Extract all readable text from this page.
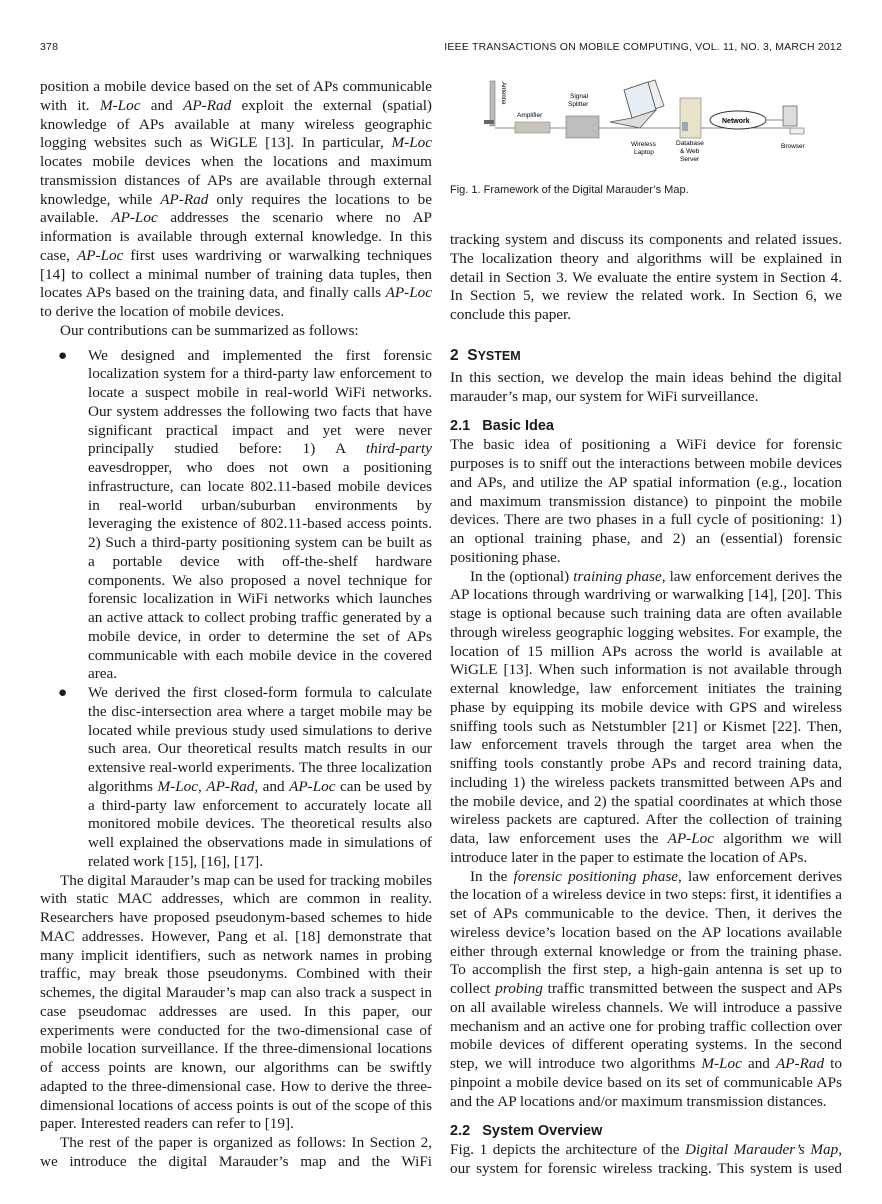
378	IEEE TRANSACTIONS ON MOBILE COMPUTING, VOL. 11, NO. 3, MARCH 2012

position a mobile device based on the set of APs communicable with it. M-Loc and AP-Rad exploit the external (spatial) knowledge of APs available at many wireless geographic logging websites such as WiGLE [13]. In particular, M-Loc locates mobile devices when the locations and maximum transmission distances of APs are available through external knowledge, while AP-Rad only requires the locations to be available. AP-Loc addresses the scenario where no AP information is available through external knowledge. In this case, AP-Loc first uses wardriving or warwalking techniques [14] to collect a minimal number of training data tuples, then locates APs based on the training data, and finally calls AP-Loc to derive the location of mobile devices.

Our contributions can be summarized as follows:

● We designed and implemented the first forensic localization system for a third-party law enforcement to locate a suspect mobile in real-world WiFi networks. Our system addresses the following two facts that have significant practical impact and yet were never principally studied before: 1) A third-party eavesdropper, who does not own a positioning infrastructure, can locate 802.11-based mobile devices in real-world urban/suburban environments by leveraging the existence of 802.11-based access points. 2) Such a third-party positioning system can be built as a portable device with off-the-shelf hardware components. We also proposed a novel technique for forensic localization in WiFi networks which launches an active attack to collect probing traffic generated by a mobile device, in order to determine the set of APs communicable with each mobile device in the covered area.
● We derived the first closed-form formula to calculate the disc-intersection area where a target mobile may be located while previous study used simulations to derive such area. Our theoretical results match results in our extensive real-world experiments. The three localization algorithms M-Loc, AP-Rad, and AP-Loc can be used by a third-party law enforcement to accurately locate all monitored mobile devices. The theoretical results also well explained the observations made in simulations of related work [15], [16], [17].

The digital Marauder’s map can be used for tracking mobiles with static MAC addresses, which are common in reality. Researchers have proposed pseudonym-based schemes to hide MAC addresses. However, Pang et al. [18] demonstrate that many implicit identifiers, such as network names in probing traffic, may break those pseudonyms. Combined with their schemes, the digital Marauder’s map can also track a suspect in case pseudomac addresses are used. In this paper, our experiments were conducted for the two-dimensional case of mobile location surveillance. If the three-dimensional locations of access points are known, our algorithms can be swiftly adapted to the three-dimensional case. How to derive the three-dimensional locations of access points is out of the scope of this paper. Interested readers can refer to [19].

The rest of the paper is organized as follows: In Section 2, we introduce the digital Marauder’s map and the WiFi

Antenna
Amplifier
Signal
Splitter
Wireless
Laptop
Database
& Web
Server
Network
Browser
Fig. 1. Framework of the Digital Marauder’s Map.

tracking system and discuss its components and related issues. The localization theory and algorithms will be explained in detail in Section 3. We evaluate the entire system in Section 4. In Section 5, we review the related work. In Section 6, we conclude this paper.

2 SYSTEM

In this section, we develop the main ideas behind the digital marauder’s map, our system for WiFi surveillance.

2.1   Basic Idea

The basic idea of positioning a WiFi device for forensic purposes is to sniff out the interactions between mobile devices and APs, and utilize the AP spatial information (e.g., location and maximum transmission distance) to pinpoint the mobile devices. There are two phases in a full cycle of positioning: 1) an optional training phase, and 2) an (essential) forensic positioning phase.

In the (optional) training phase, law enforcement derives the AP locations through wardriving or warwalking [14], [20]. This stage is optional because such training data are often available through wireless geographic logging websites. For example, the location of 15 million APs across the world is available at WiGLE [13]. When such information is not available through external knowledge, law enforcement initiates the training phase by equipping its mobile device with GPS and wireless sniffing tools such as Netstumbler [21] or Kismet [22]. Then, law enforcement travels through the target area when the sniffing tools constantly probe APs and record training data, including 1) the wireless packets transmitted between APs and the mobile device, and 2) the spatial coordinates at which those wireless packets are captured. After the collection of training data, law enforcement uses the AP-Loc algorithm we will introduce later in the paper to estimate the location of APs.

In the forensic positioning phase, law enforcement derives the location of a wireless device in two steps: first, it identifies a set of APs communicable to the device. Then, it derives the wireless device’s location based on the AP locations available either through external knowledge or from the training phase. To accomplish the first step, a high-gain antenna is set up to collect probing traffic transmitted between the suspect and APs on all available wireless channels. We will introduce a passive mechanism and an active one for probing traffic collection over mobile devices of different operating systems. In the second step, we will introduce two algorithms M-Loc and AP-Rad to pinpoint a mobile device based on its set of communicable APs and the AP locations and/or maximum transmission distances.

2.2   System Overview

Fig. 1 depicts the architecture of the Digital Marauder’s Map, our system for forensic wireless tracking. This system is used
